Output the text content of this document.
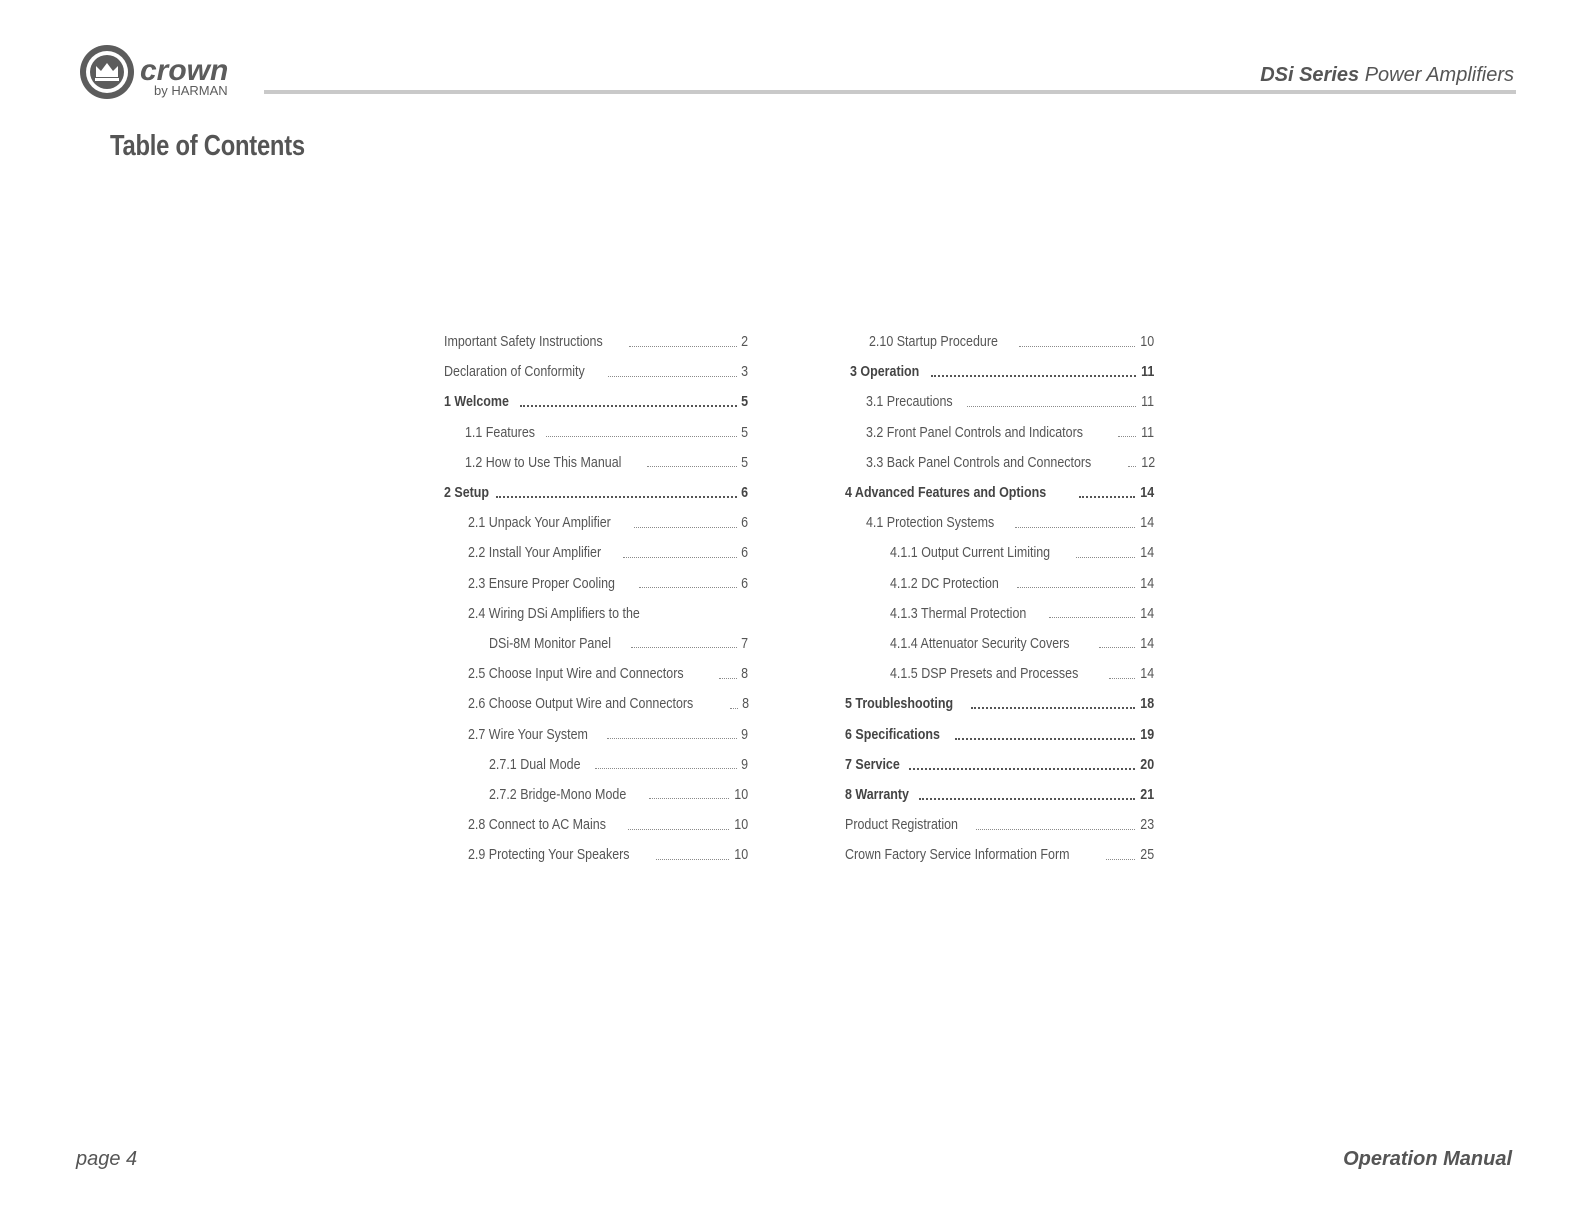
crown
by HARMAN
DSi Series Power Amplifiers
Table of Contents
Important Safety Instructions	2
Declaration of Conformity	3
1 Welcome	5
1.1 Features	5
1.2 How to Use This Manual	5
2 Setup	6
2.1 Unpack Your Amplifier	6
2.2 Install Your Amplifier	6
2.3 Ensure Proper Cooling	6
2.4 Wiring DSi Amplifiers to the
DSi-8M Monitor Panel	7
2.5 Choose Input Wire and Connectors	8
2.6 Choose Output Wire and Connectors	8
2.7 Wire Your System	9
2.7.1 Dual Mode	9
2.7.2 Bridge-Mono Mode	10
2.8 Connect to AC Mains	10
2.9 Protecting Your Speakers	10
2.10 Startup Procedure	10
3 Operation	11
3.1 Precautions	11
3.2 Front Panel Controls and Indicators	11
3.3 Back Panel Controls and Connectors	12
4 Advanced Features and Options	14
4.1 Protection Systems	14
4.1.1 Output Current Limiting	14
4.1.2 DC Protection	14
4.1.3 Thermal Protection	14
4.1.4 Attenuator Security Covers	14
4.1.5 DSP Presets and Processes	14
5 Troubleshooting	18
6 Specifications	19
7 Service	20
8 Warranty	21
Product Registration	23
Crown Factory Service Information Form	25
page 4	Operation Manual
